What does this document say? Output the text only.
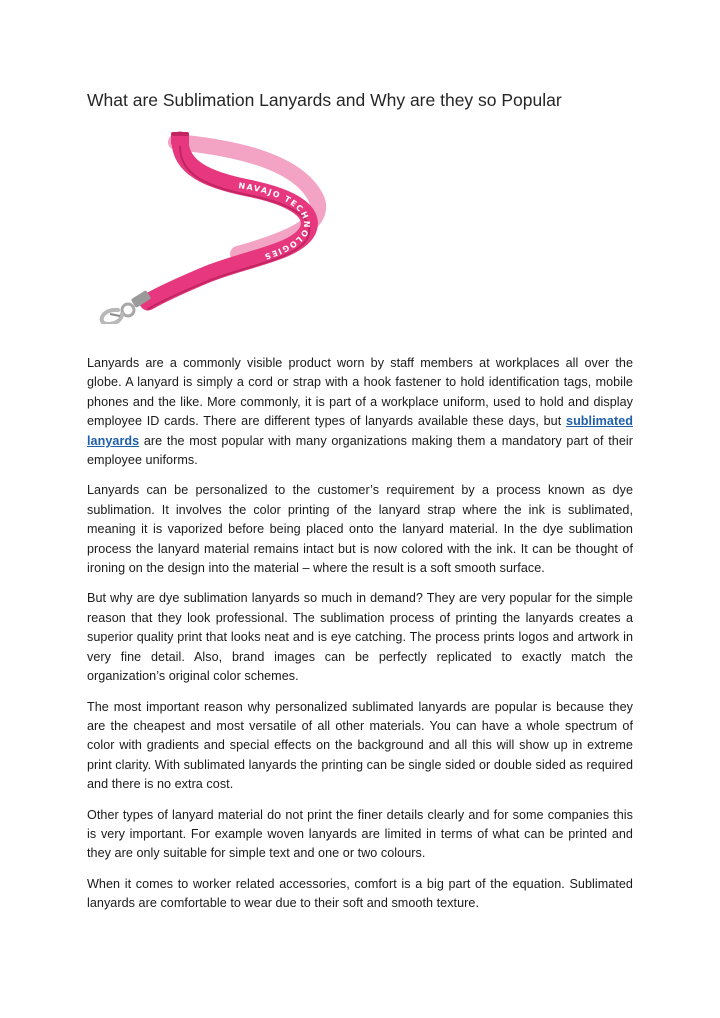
What are Sublimation Lanyards and Why are they so Popular
NAVAJO TECHNOLOGIES

Lanyards are a commonly visible product worn by staff members at workplaces all over the globe. A lanyard is simply a cord or strap with a hook fastener to hold identification tags, mobile phones and the like. More commonly, it is part of a workplace uniform, used to hold and display employee ID cards. There are different types of lanyards available these days, but sublimated lanyards are the most popular with many organizations making them a mandatory part of their employee uniforms.

Lanyards can be personalized to the customer’s requirement by a process known as dye sublimation. It involves the color printing of the lanyard strap where the ink is sublimated, meaning it is vaporized before being placed onto the lanyard material. In the dye sublimation process the lanyard material remains intact but is now colored with the ink. It can be thought of ironing on the design into the material – where the result is a soft smooth surface.

But why are dye sublimation lanyards so much in demand? They are very popular for the simple reason that they look professional. The sublimation process of printing the lanyards creates a superior quality print that looks neat and is eye catching. The process prints logos and artwork in very fine detail. Also, brand images can be perfectly replicated to exactly match the organization’s original color schemes.

The most important reason why personalized sublimated lanyards are popular is because they are the cheapest and most versatile of all other materials. You can have a whole spectrum of color with gradients and special effects on the background and all this will show up in extreme print clarity. With sublimated lanyards the printing can be single sided or double sided as required and there is no extra cost.

Other types of lanyard material do not print the finer details clearly and for some companies this is very important. For example woven lanyards are limited in terms of what can be printed and they are only suitable for simple text and one or two colours.

When it comes to worker related accessories, comfort is a big part of the equation. Sublimated lanyards are comfortable to wear due to their soft and smooth texture.
